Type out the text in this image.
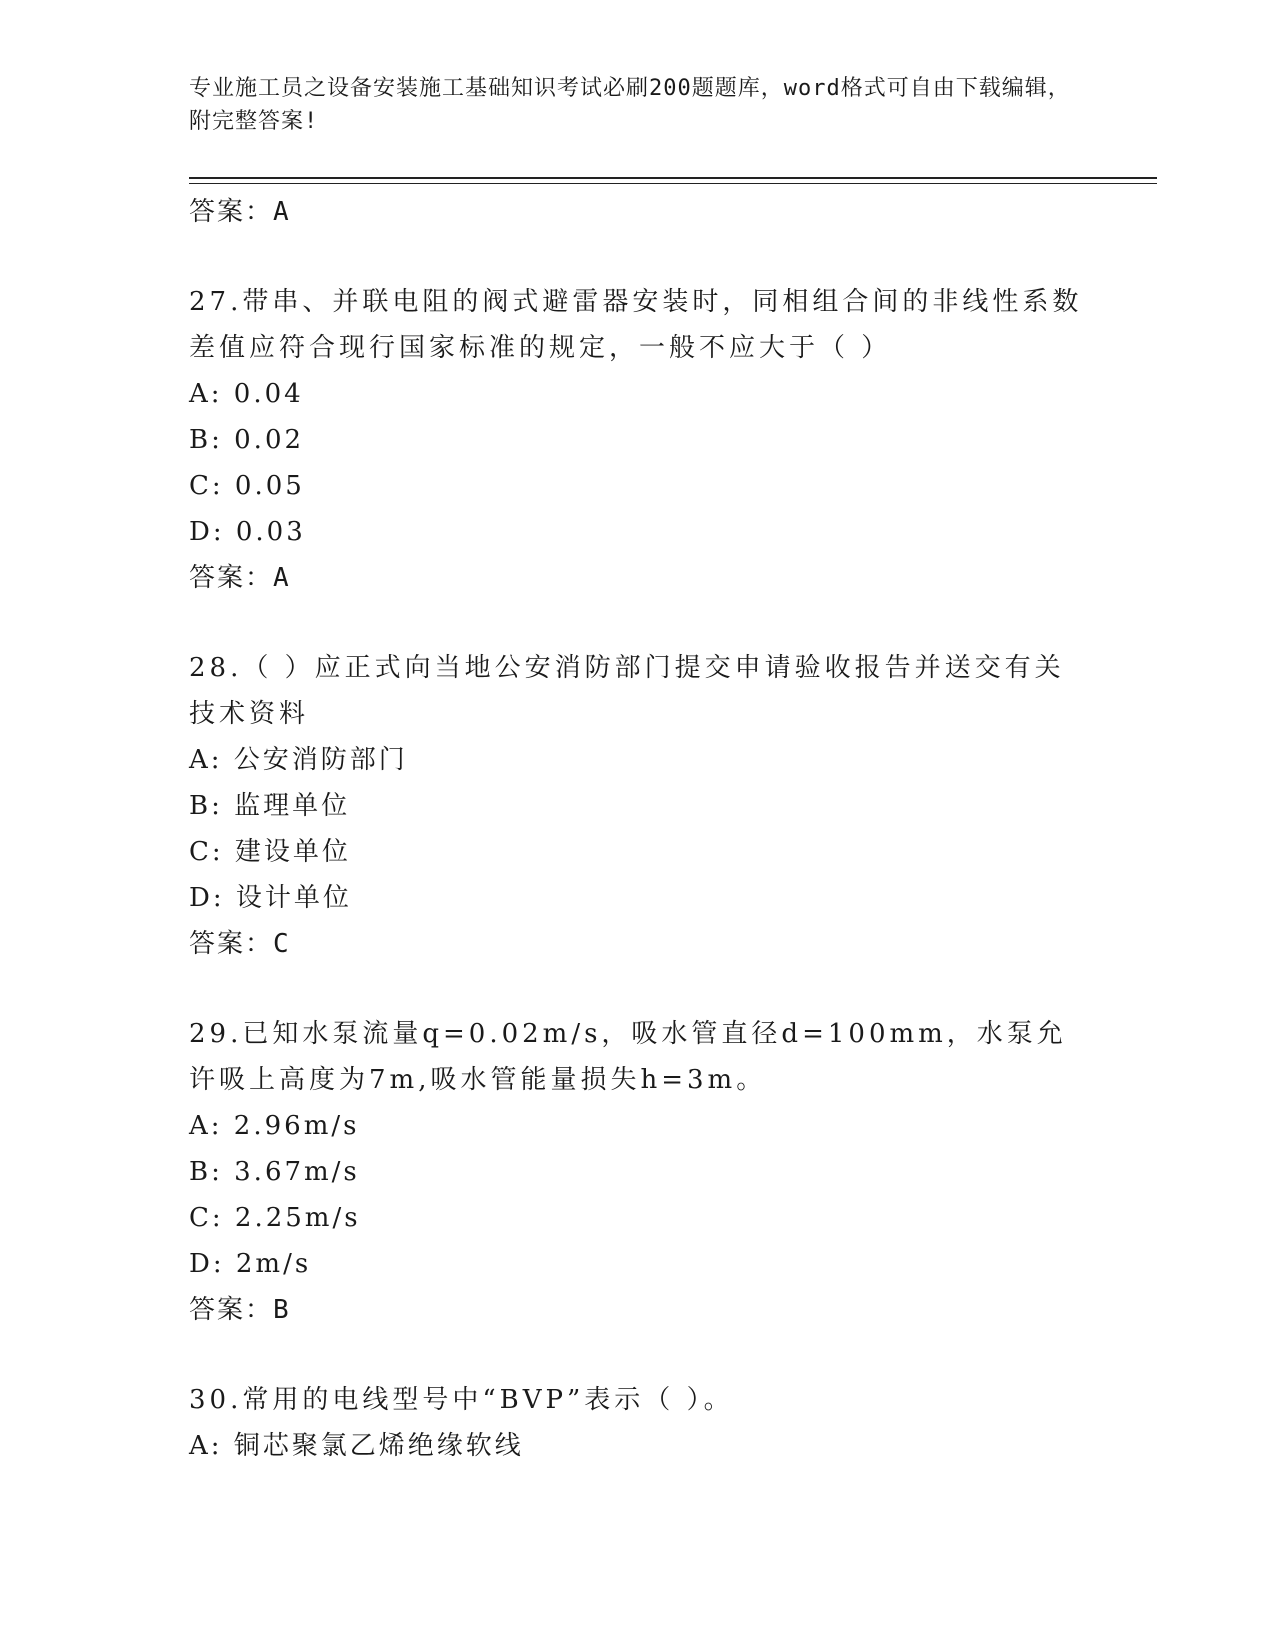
专业施工员之设备安装施工基础知识考试必刷200题题库，word格式可自由下载编辑，附完整答案!
答案：A
27.带串、并联电阻的阀式避雷器安装时，同相组合间的非线性系数差值应符合现行国家标准的规定，一般不应大于（ ）
A: 0.04
B: 0.02
C: 0.05
D: 0.03
答案：A
28.（ ）应正式向当地公安消防部门提交申请验收报告并送交有关技术资料
A: 公安消防部门
B: 监理单位
C: 建设单位
D: 设计单位
答案：C
29.已知水泵流量q=0.02m/s，吸水管直径d=100mm，水泵允许吸上高度为7m,吸水管能量损失h=3m。
A: 2.96m/s
B: 3.67m/s
C: 2.25m/s
D: 2m/s
答案：B
30.常用的电线型号中“BVP”表示（ ）。
A: 铜芯聚氯乙烯绝缘软线
